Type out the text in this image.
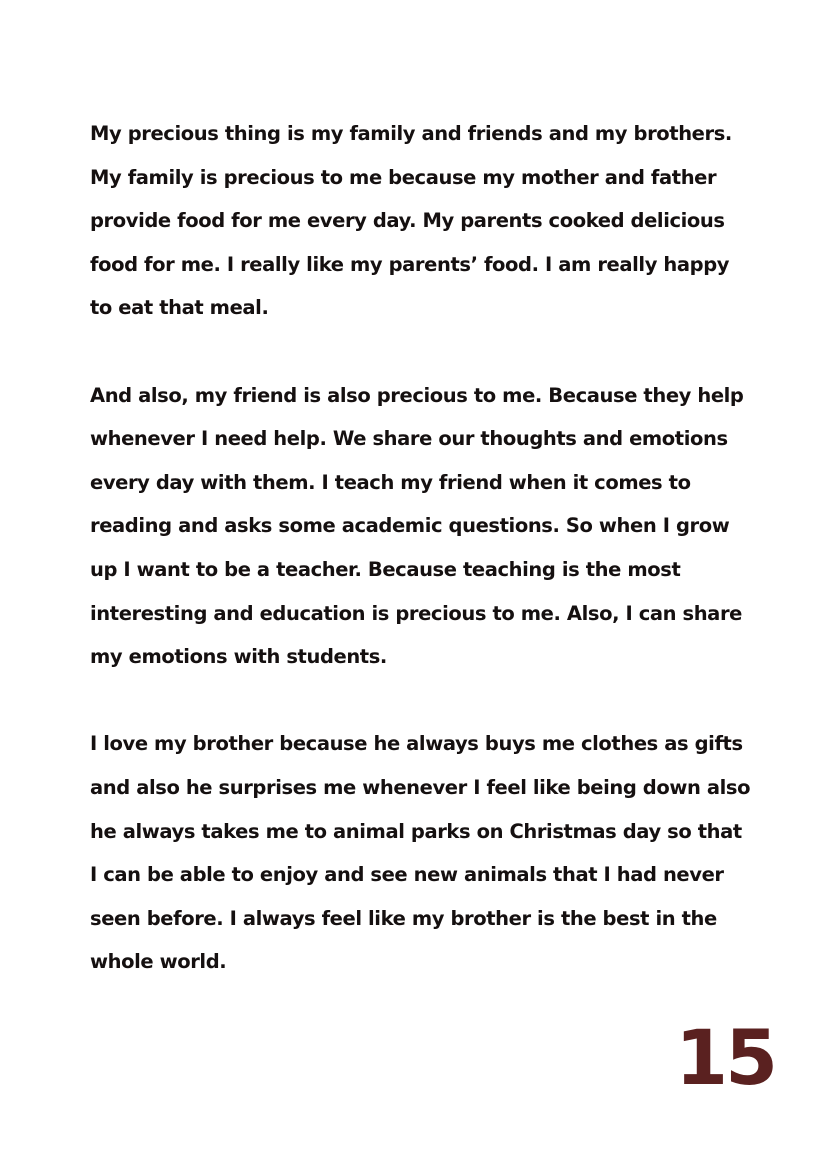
My precious thing is my family and friends and my brothers.
My family is precious to me because my mother and father
provide food for me every day. My parents cooked delicious
food for me. I really like my parents’ food. I am really happy
to eat that meal.

And also, my friend is also precious to me. Because they help
whenever I need help. We share our thoughts and emotions
every day with them. I teach my friend when it comes to
reading and asks some academic questions. So when I grow
up I want to be a teacher. Because teaching is the most
interesting and education is precious to me. Also, I can share
my emotions with students.

I love my brother because he always buys me clothes as gifts
and also he surprises me whenever I feel like being down also
he always takes me to animal parks on Christmas day so that
I can be able to enjoy and see new animals that I had never
seen before. I always feel like my brother is the best in the
whole world.

15
